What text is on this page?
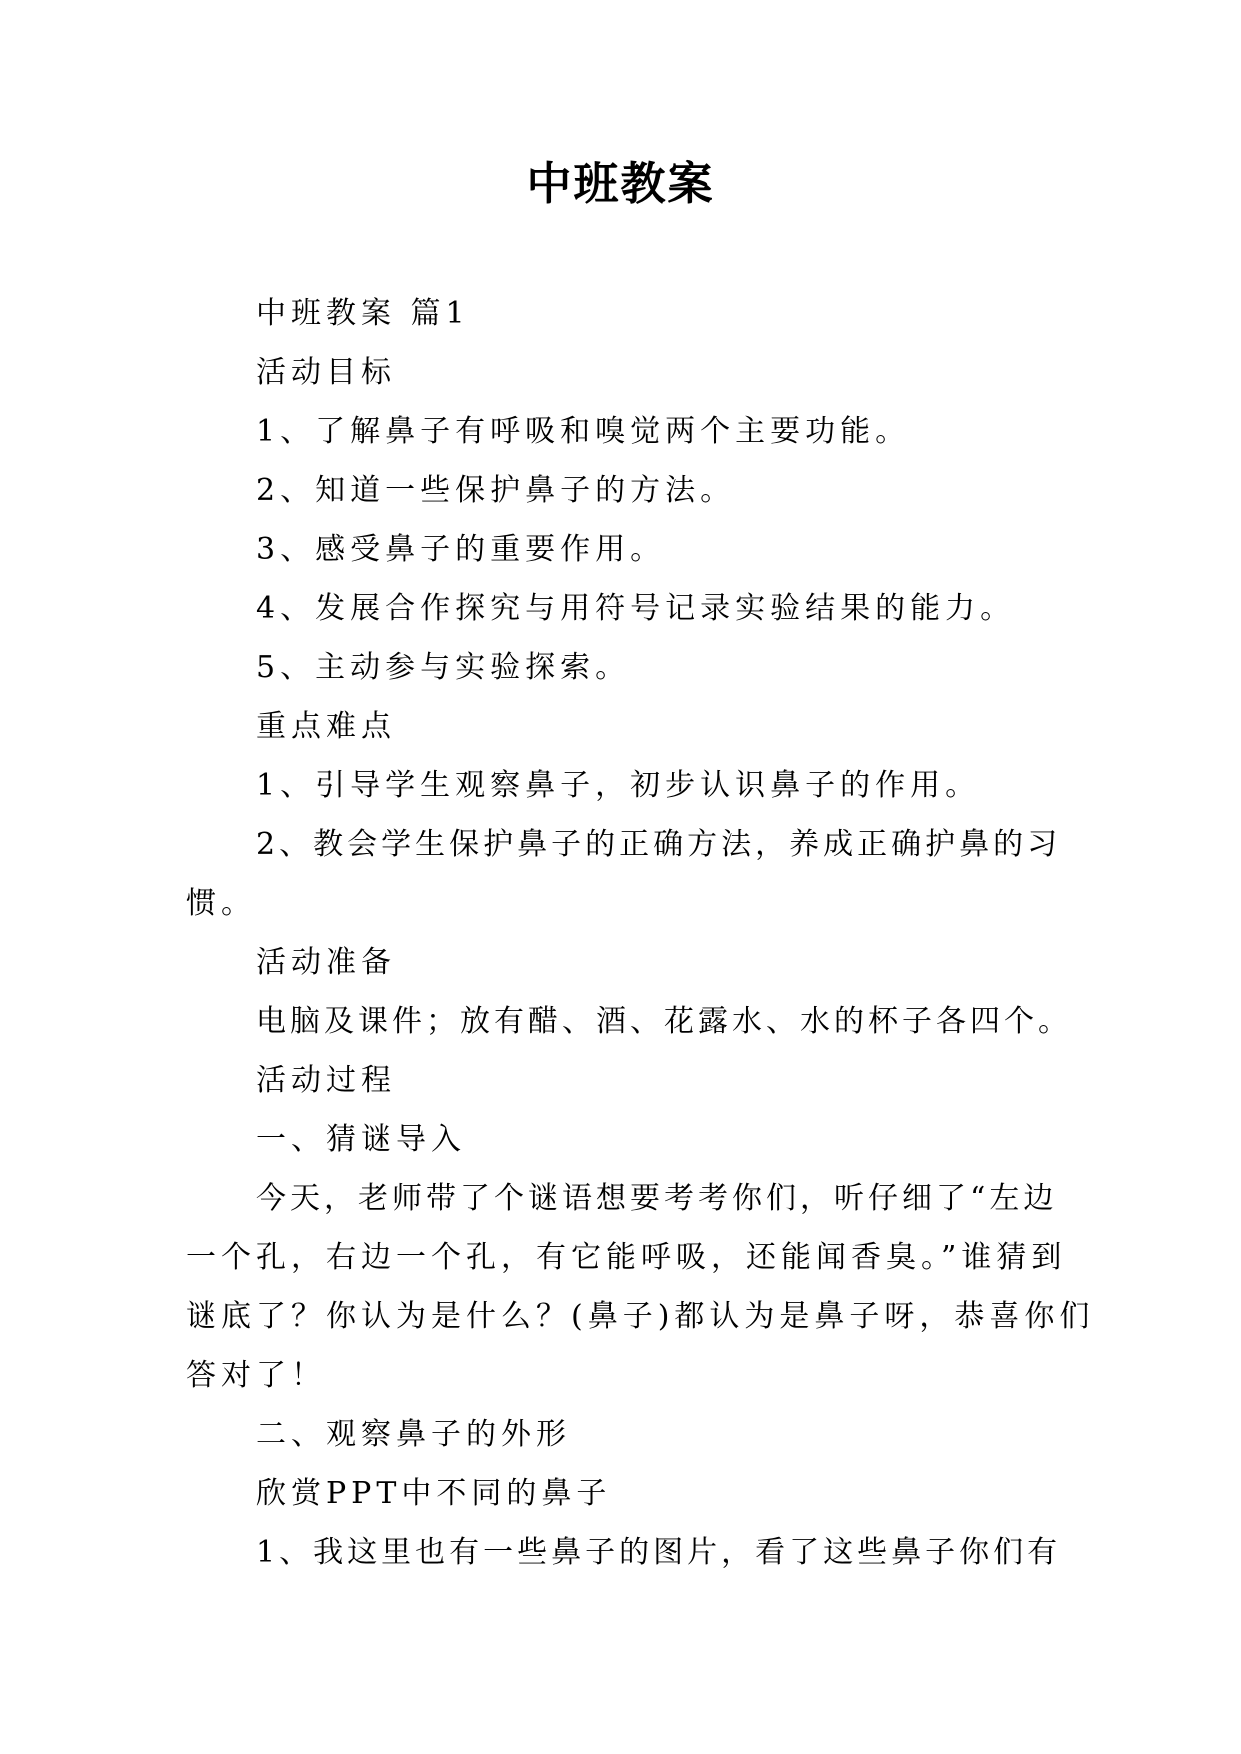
中班教案
中班教案 篇1
活动目标
1、了解鼻子有呼吸和嗅觉两个主要功能。
2、知道一些保护鼻子的方法。
3、感受鼻子的重要作用。
4、发展合作探究与用符号记录实验结果的能力。
5、主动参与实验探索。
重点难点
1、引导学生观察鼻子，初步认识鼻子的作用。
2、教会学生保护鼻子的正确方法，养成正确护鼻的习
惯。
活动准备
电脑及课件；放有醋、酒、花露水、水的杯子各四个。
活动过程
一、猜谜导入
今天，老师带了个谜语想要考考你们，听仔细了“左边
一个孔，右边一个孔，有它能呼吸，还能闻香臭。”谁猜到
谜底了？你认为是什么？(鼻子)都认为是鼻子呀，恭喜你们
答对了！
二、观察鼻子的外形
欣赏PPT中不同的鼻子
1、我这里也有一些鼻子的图片，看了这些鼻子你们有
